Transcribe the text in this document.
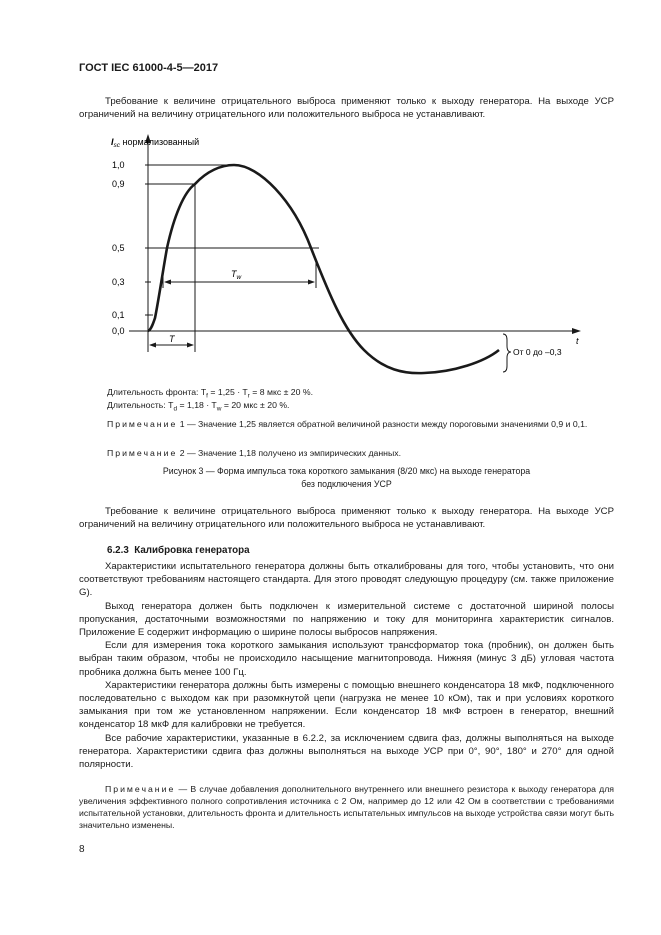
ГОСТ IEC 61000-4-5—2017
Требование к величине отрицательного выброса применяют только к выходу генератора. На выходе УСР ограничений на величину отрицательного или положительного выброса не устанавливают.
$I_{sc}$ нормализованный
1,0
0,9
0,5
0,3
0,1
0,0
$T_w$
T	t
От 0 до –0,3
Длительность фронта: $T_f = 1,25 \cdot T_r = 8$ мкс ± 20 %.
Длительность: $T_d = 1,18 \cdot T_w = 20$ мкс ± 20 %.
Примечание 1 — Значение 1,25 является обратной величиной разности между пороговыми значениями 0,9 и 0,1.
Примечание 2 — Значение 1,18 получено из эмпирических данных.
Рисунок 3 — Форма импульса тока короткого замыкания (8/20 мкс) на выходе генератора
без подключения УСР
Требование к величине отрицательного выброса применяют только к выходу генератора. На выходе УСР ограничений на величину отрицательного или положительного выброса не устанавливают.
6.2.3 Калибровка генератора
Характеристики испытательного генератора должны быть откалиброваны для того, чтобы установить, что они соответствуют требованиям настоящего стандарта. Для этого проводят следующую процедуру (см. также приложение G).
Выход генератора должен быть подключен к измерительной системе с достаточной шириной полосы пропускания, достаточными возможностями по напряжению и току для мониторинга характеристик сигналов. Приложение E содержит информацию о ширине полосы выбросов напряжения.
Если для измерения тока короткого замыкания используют трансформатор тока (пробник), он должен быть выбран таким образом, чтобы не происходило насыщение магнитопровода. Нижняя (минус 3 дБ) угловая частота пробника должна быть менее 100 Гц.
Характеристики генератора должны быть измерены с помощью внешнего конденсатора 18 мкФ, подключенного последовательно с выходом как при разомкнутой цепи (нагрузка не менее 10 кОм), так и при условиях короткого замыкания при том же установленном напряжении. Если конденсатор 18 мкФ встроен в генератор, внешний конденсатор 18 мкФ для калибровки не требуется.
Все рабочие характеристики, указанные в 6.2.2, за исключением сдвига фаз, должны выполняться на выходе генератора. Характеристики сдвига фаз должны выполняться на выходе УСР при 0°, 90°, 180° и 270° для одной полярности.
Примечание — В случае добавления дополнительного внутреннего или внешнего резистора к выходу генератора для увеличения эффективного полного сопротивления источника с 2 Ом, например до 12 или 42 Ом в соответствии с требованиями испытательной установки, длительность фронта и длительность испытательных импульсов на выходе устройства связи могут быть значительно изменены.
8
